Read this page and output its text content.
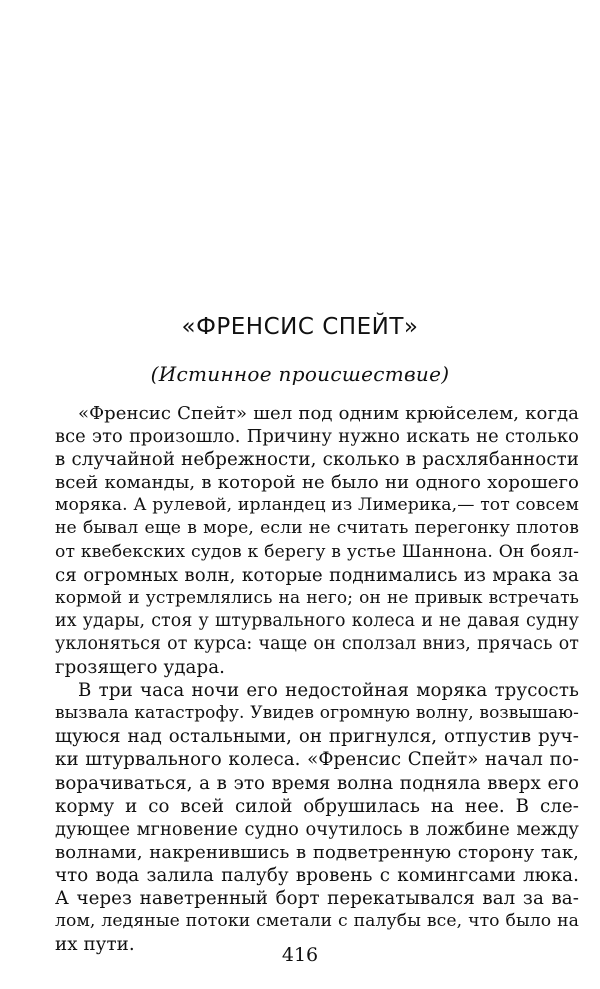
«ФРЕНСИС СПЕЙТ»
(Истинное происшествие)
«Френсис Спейт» шел под одним крюйселем, когда
все это произошло. Причину нужно искать не столько
в случайной небрежности, сколько в расхлябанности
всей команды, в которой не было ни одного хорошего
моряка. А рулевой, ирландец из Лимерика,— тот совсем
не бывал еще в море, если не считать перегонку плотов
от квебекских судов к берегу в устье Шаннона. Он боял-
ся огромных волн, которые поднимались из мрака за
кормой и устремлялись на него; он не привык встречать
их удары, стоя у штурвального колеса и не давая судну
уклоняться от курса: чаще он сползал вниз, прячась от
грозящего удара.
В три часа ночи его недостойная моряка трусость
вызвала катастрофу. Увидев огромную волну, возвышаю-
щуюся над остальными, он пригнулся, отпустив руч-
ки штурвального колеса. «Френсис Спейт» начал по-
ворачиваться, а в это время волна подняла вверх его
корму и со всей силой обрушилась на нее. В сле-
дующее мгновение судно очутилось в ложбине между
волнами, накренившись в подветренную сторону так,
что вода залила палубу вровень с комингсами люка.
А через наветренный борт перекатывался вал за ва-
лом, ледяные потоки сметали с палубы все, что было на
их пути.	416
